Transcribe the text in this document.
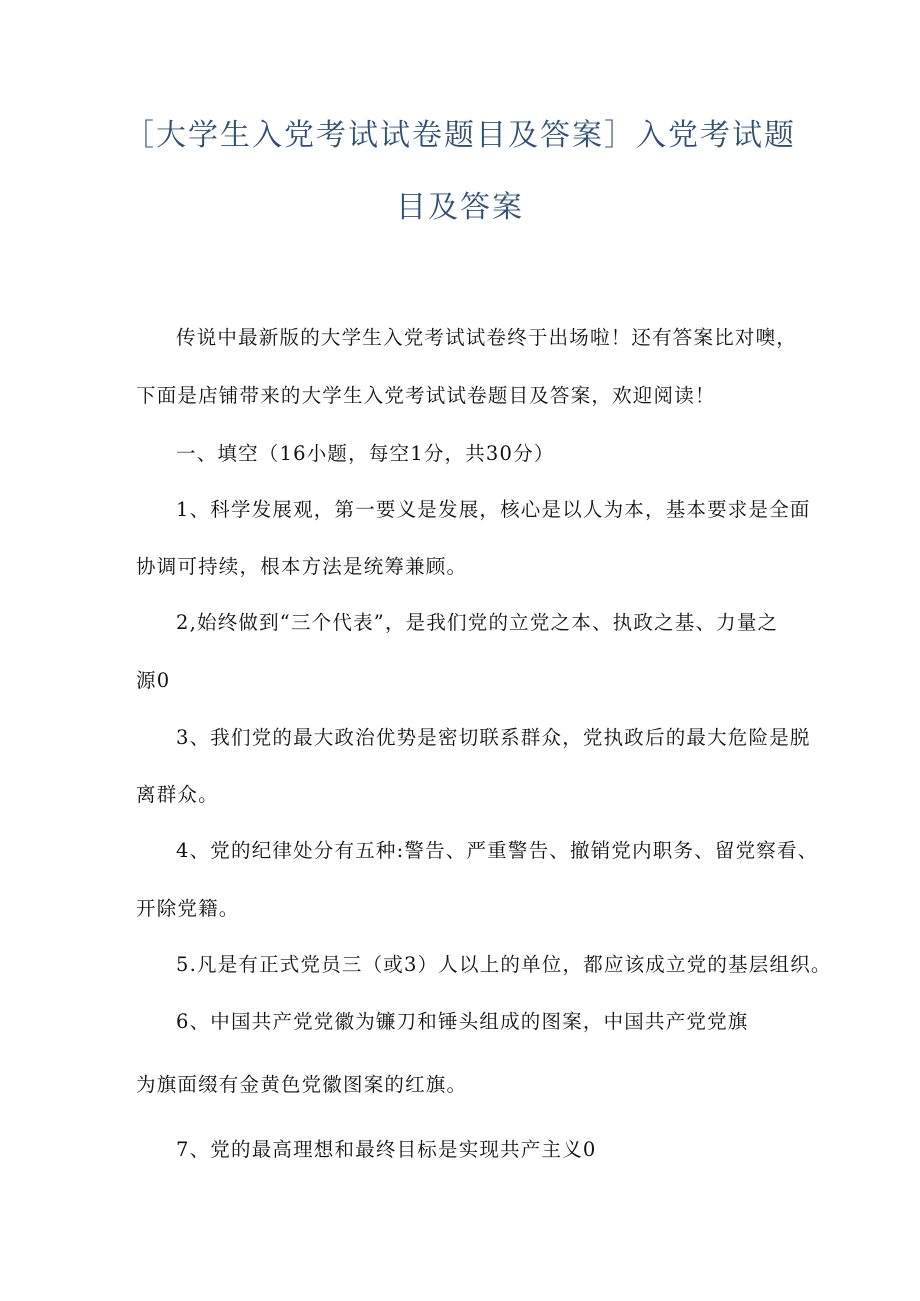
［大学生入党考试试卷题目及答案］入党考试题
目及答案
传说中最新版的大学生入党考试试卷终于出场啦！还有答案比对噢，
下面是店铺带来的大学生入党考试试卷题目及答案，欢迎阅读！
一、填空（16小题，每空1分，共30分）
1、科学发展观，第一要义是发展，核心是以人为本，基本要求是全面
协调可持续，根本方法是统筹兼顾。
2,始终做到“三个代表”，是我们党的立党之本、执政之基、力量之
源0
3、我们党的最大政治优势是密切联系群众，党执政后的最大危险是脱
离群众。
4、党的纪律处分有五种:警告、严重警告、撤销党内职务、留党察看、
开除党籍。
5.凡是有正式党员三（或3）人以上的单位，都应该成立党的基层组织。
6、中国共产党党徽为镰刀和锤头组成的图案，中国共产党党旗
为旗面缀有金黄色党徽图案的红旗。
7、党的最高理想和最终目标是实现共产主义0
